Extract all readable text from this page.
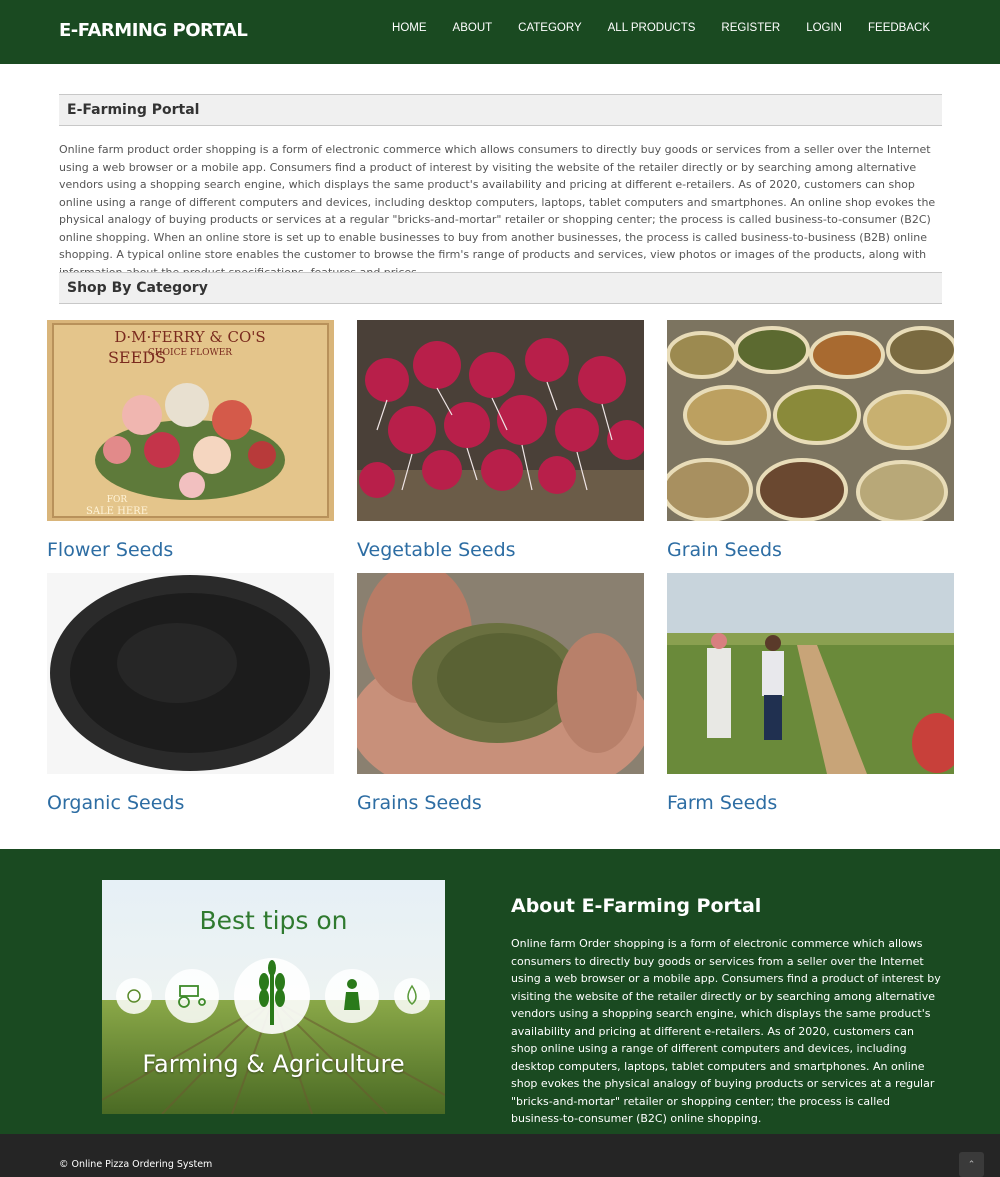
E-FARMING PORTAL	HOME ABOUT CATEGORY ALL PRODUCTS REGISTER LOGIN FEEDBACK
E-Farming Portal

Online farm product order shopping is a form of electronic commerce which allows consumers to directly buy goods or services from a seller over the Internet using a web browser or a mobile app. Consumers find a product of interest by visiting the website of the retailer directly or by searching among alternative vendors using a shopping search engine, which displays the same product's availability and pricing at different e-retailers. As of 2020, customers can shop online using a range of different computers and devices, including desktop computers, laptops, tablet computers and smartphones. An online shop evokes the physical analogy of buying products or services at a regular "bricks-and-mortar" retailer or shopping center; the process is called business-to-consumer (B2C) online shopping. When an online store is set up to enable businesses to buy from another businesses, the process is called business-to-business (B2B) online shopping. A typical online store enables the customer to browse the firm's range of products and services, view photos or images of the products, along with

Shop By Category
D·M·FERRY & CO'S
CHOICE FLOWER
SEEDS
FOR
SALE HERE
Flower Seeds	Vegetable Seeds	Grain Seeds
Organic Seeds	Grains Seeds	Farm Seeds
Best tips on
Farming & Agriculture
About E-Farming Portal

Online farm Order shopping is a form of electronic commerce which allows consumers to directly buy goods or services from a seller over the Internet using a web browser or a mobile app. Consumers find a product of interest by visiting the website of the retailer directly or by searching among alternative vendors using a shopping search engine, which displays the same product's availability and pricing at different e-retailers. As of 2020, customers can shop online using a range of different computers and devices, including desktop computers, laptops, tablet computers and smartphones. An online shop evokes the physical analogy of buying products or services at a regular "bricks-and-mortar" retailer or shopping center; the process is called business-to-consumer (B2C) online shopping.

© Online Pizza Ordering System	⌃
